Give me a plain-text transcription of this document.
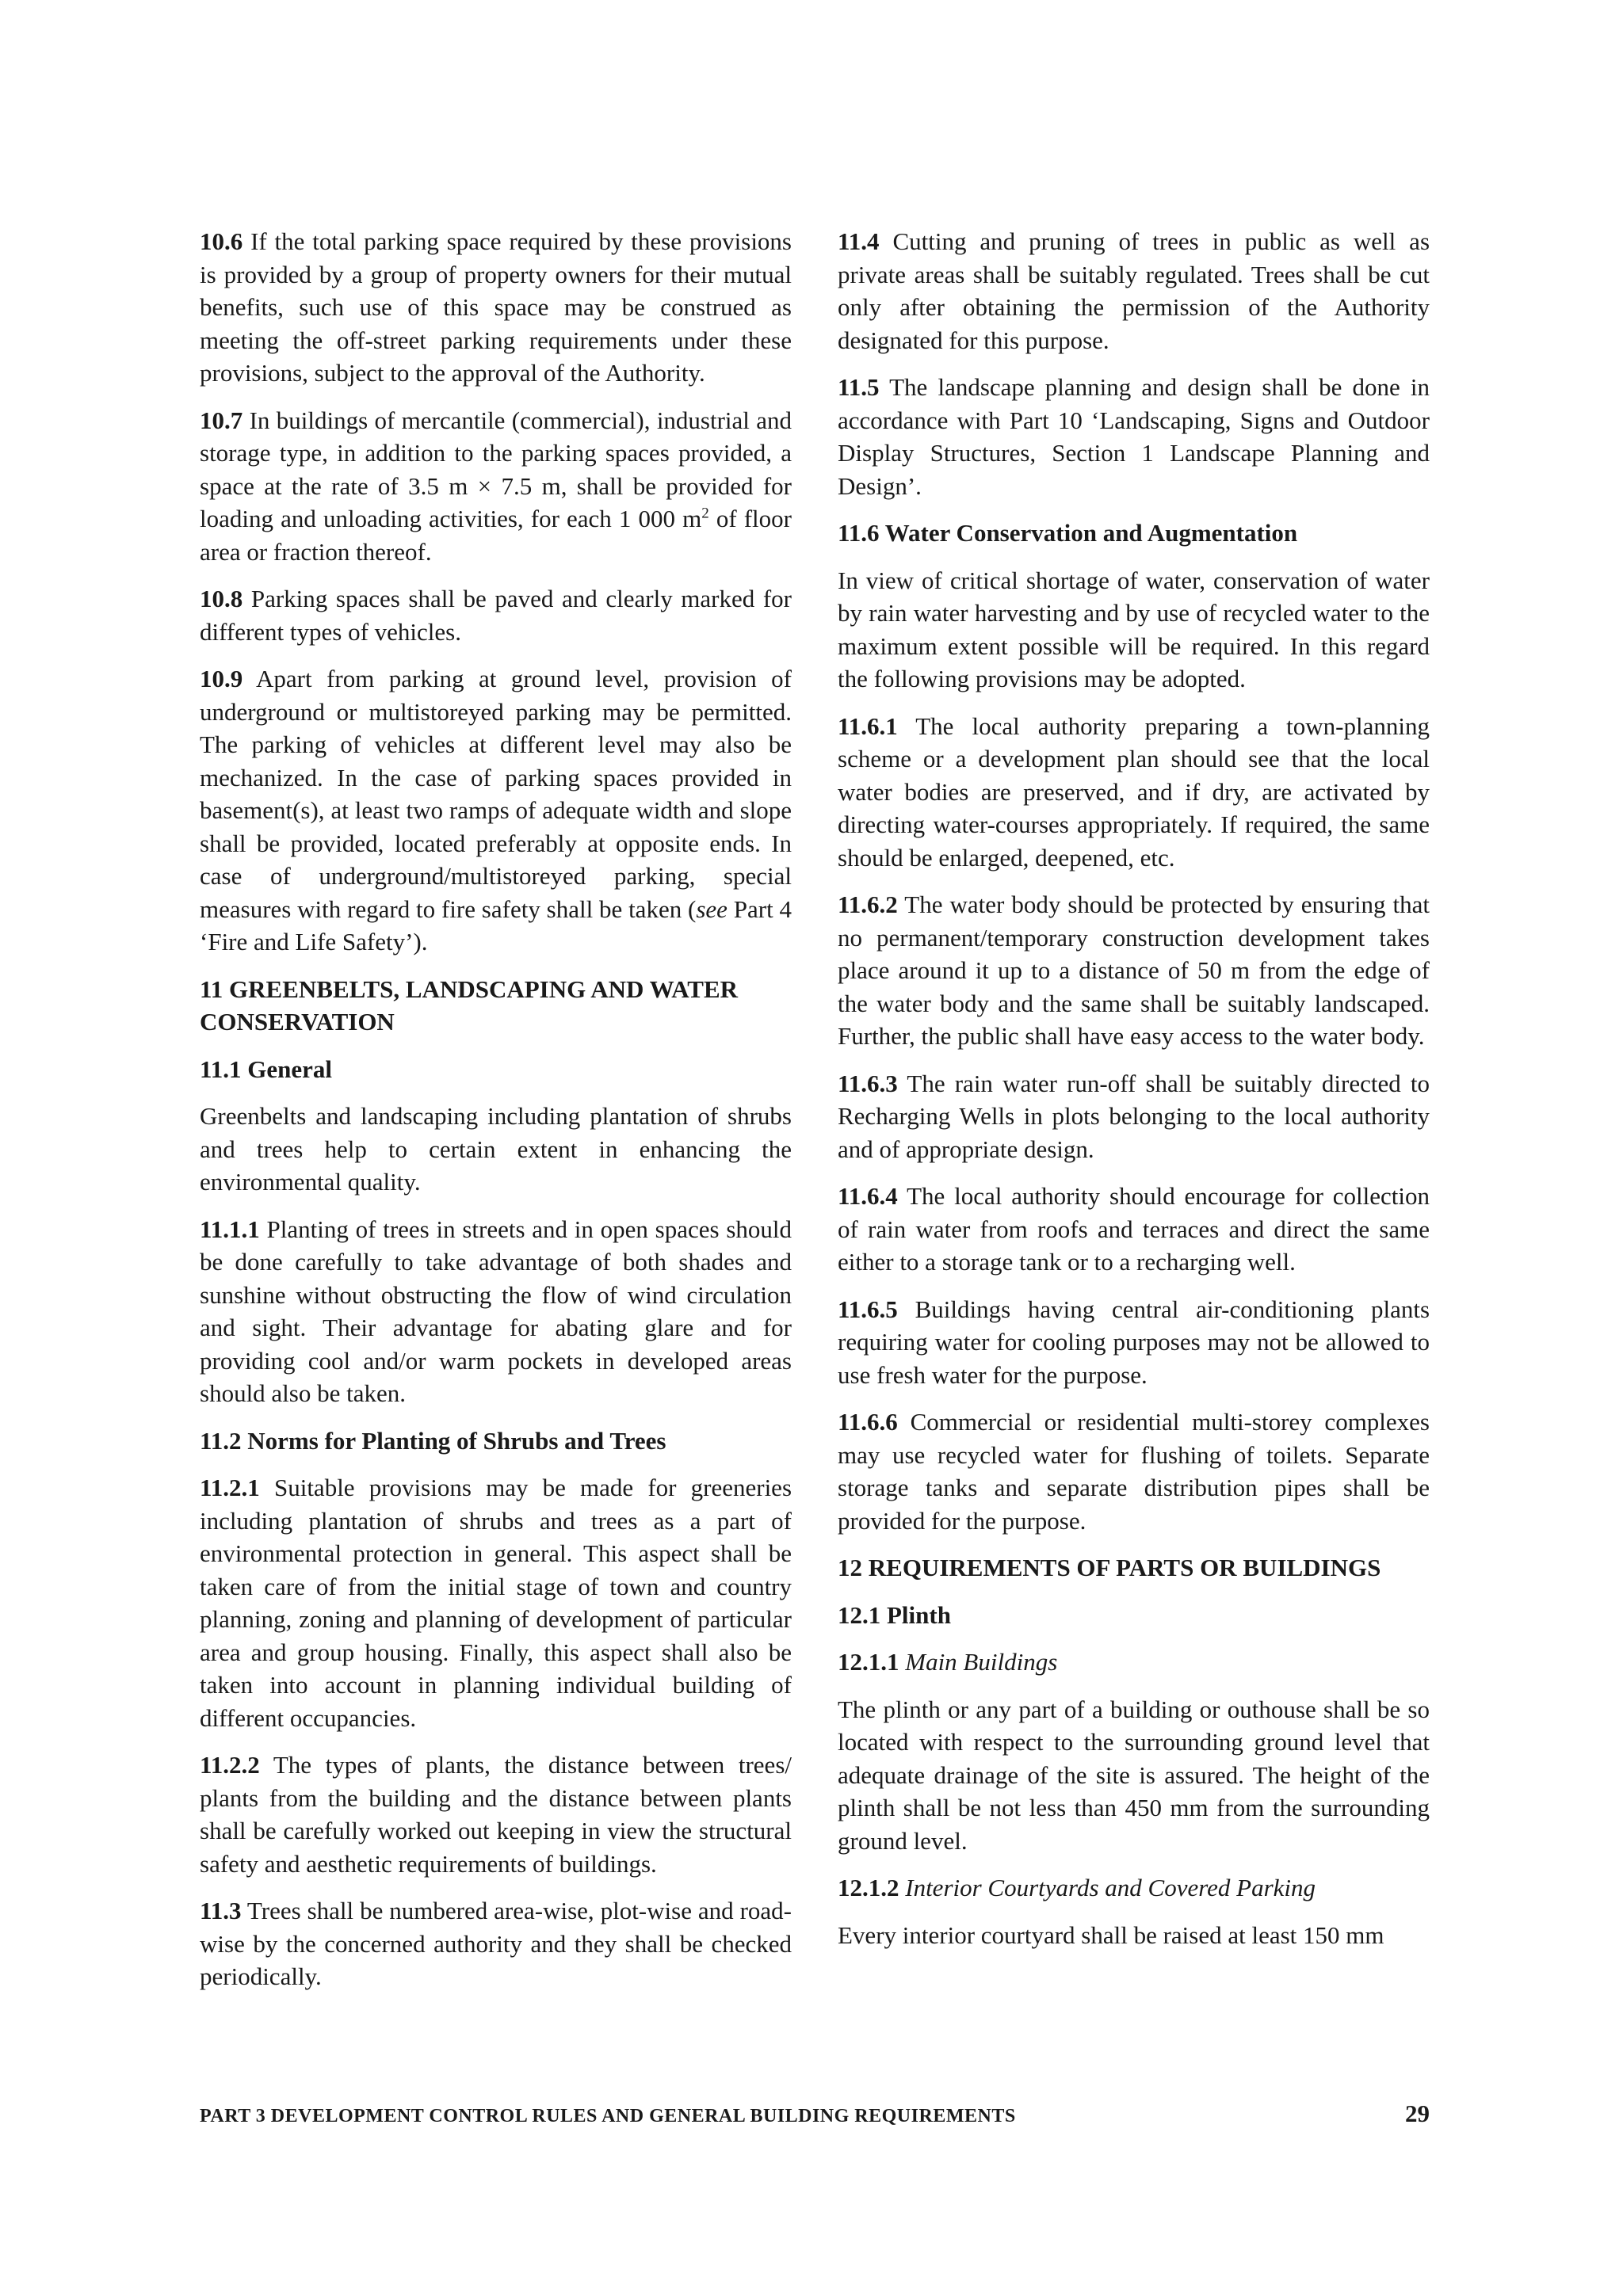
10.6 If the total parking space required by these provisions is provided by a group of property owners for their mutual benefits, such use of this space may be construed as meeting the off-street parking requirements under these provisions, subject to the approval of the Authority.

10.7 In buildings of mercantile (commercial), industrial and storage type, in addition to the parking spaces provided, a space at the rate of 3.5 m × 7.5 m, shall be provided for loading and unloading activities, for each 1 000 $m^2$ of floor area or fraction thereof.

10.8 Parking spaces shall be paved and clearly marked for different types of vehicles.

10.9 Apart from parking at ground level, provision of underground or multistoreyed parking may be permitted. The parking of vehicles at different level may also be mechanized. In the case of parking spaces provided in basement(s), at least two ramps of adequate width and slope shall be provided, located preferably at opposite ends. In case of underground/multistoreyed parking, special measures with regard to fire safety shall be taken (see Part 4 ‘Fire and Life Safety’).

11 GREENBELTS, LANDSCAPING AND WATER CONSERVATION
11.1 General

Greenbelts and landscaping including plantation of shrubs and trees help to certain extent in enhancing the environmental quality.

11.1.1 Planting of trees in streets and in open spaces should be done carefully to take advantage of both shades and sunshine without obstructing the flow of wind circulation and sight. Their advantage for abating glare and for providing cool and/or warm pockets in developed areas should also be taken.

11.2 Norms for Planting of Shrubs and Trees

11.2.1 Suitable provisions may be made for greeneries including plantation of shrubs and trees as a part of environmental protection in general. This aspect shall be taken care of from the initial stage of town and country planning, zoning and planning of development of particular area and group housing. Finally, this aspect shall also be taken into account in planning individual building of different occupancies.

11.2.2 The types of plants, the distance between trees/ plants from the building and the distance between plants shall be carefully worked out keeping in view the structural safety and aesthetic requirements of buildings.

11.3 Trees shall be numbered area-wise, plot-wise and road-wise by the concerned authority and they shall be checked periodically.

11.4 Cutting and pruning of trees in public as well as private areas shall be suitably regulated. Trees shall be cut only after obtaining the permission of the Authority designated for this purpose.

11.5 The landscape planning and design shall be done in accordance with Part 10 ‘Landscaping, Signs and Outdoor Display Structures, Section 1 Landscape Planning and Design’.

11.6 Water Conservation and Augmentation

In view of critical shortage of water, conservation of water by rain water harvesting and by use of recycled water to the maximum extent possible will be required. In this regard the following provisions may be adopted.

11.6.1 The local authority preparing a town-planning scheme or a development plan should see that the local water bodies are preserved, and if dry, are activated by directing water-courses appropriately. If required, the same should be enlarged, deepened, etc.

11.6.2 The water body should be protected by ensuring that no permanent/temporary construction development takes place around it up to a distance of 50 m from the edge of the water body and the same shall be suitably landscaped. Further, the public shall have easy access to the water body.

11.6.3 The rain water run-off shall be suitably directed to Recharging Wells in plots belonging to the local authority and of appropriate design.

11.6.4 The local authority should encourage for collection of rain water from roofs and terraces and direct the same either to a storage tank or to a recharging well.

11.6.5 Buildings having central air-conditioning plants requiring water for cooling purposes may not be allowed to use fresh water for the purpose.

11.6.6 Commercial or residential multi-storey complexes may use recycled water for flushing of toilets. Separate storage tanks and separate distribution pipes shall be provided for the purpose.

12 REQUIREMENTS OF PARTS OR BUILDINGS
12.1 Plinth

12.1.1 Main Buildings

The plinth or any part of a building or outhouse shall be so located with respect to the surrounding ground level that adequate drainage of the site is assured. The height of the plinth shall be not less than 450 mm from the surrounding ground level.

12.1.2 Interior Courtyards and Covered Parking

Every interior courtyard shall be raised at least 150 mm

PART 3 DEVELOPMENT CONTROL RULES AND GENERAL BUILDING REQUIREMENTS	29
